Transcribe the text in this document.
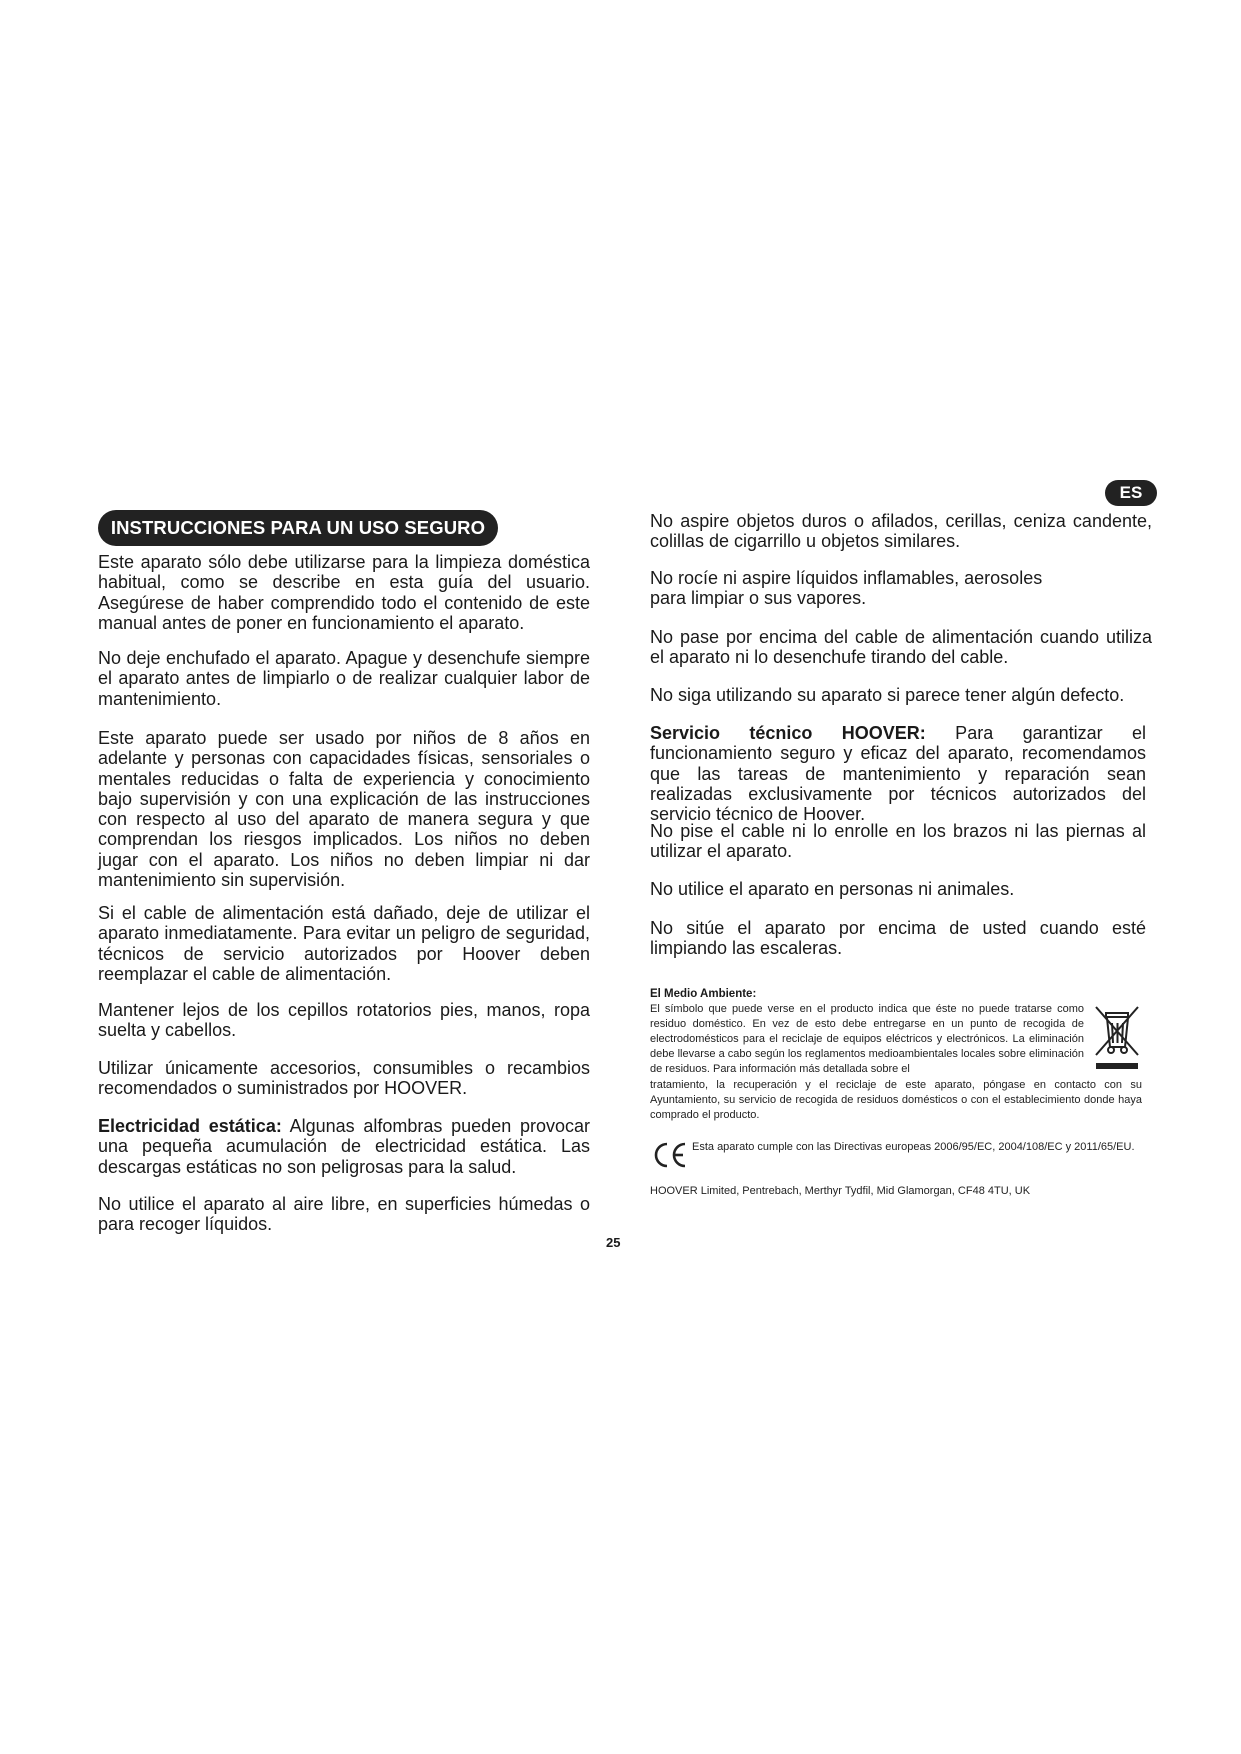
ES
INSTRUCCIONES PARA UN USO SEGURO

Este aparato sólo debe utilizarse para la limpieza doméstica habitual, como se describe en esta guía del usuario. Asegúrese de haber comprendido todo el contenido de este manual antes de poner en funcionamiento el aparato.

No deje enchufado el aparato. Apague y desenchufe siempre el aparato antes de limpiarlo o de realizar cualquier labor de mantenimiento.

Este aparato puede ser usado por niños de 8 años en adelante y personas con capacidades físicas, sensoriales o mentales reducidas o falta de experiencia y conocimiento bajo supervisión y con una explicación de las instrucciones con respecto al uso del aparato de manera segura y que comprendan los riesgos implicados. Los niños no deben jugar con el aparato. Los niños no deben limpiar ni dar mantenimiento sin supervisión.

Si el cable de alimentación está dañado, deje de utilizar el aparato inmediatamente. Para evitar un peligro de seguridad, técnicos de servicio autorizados por Hoover deben reemplazar el cable de alimentación.

Mantener lejos de los cepillos rotatorios pies, manos, ropa suelta y cabellos.

Utilizar únicamente accesorios, consumibles o recambios recomendados o suministrados por HOOVER.

Electricidad estática: Algunas alfombras pueden provocar una pequeña acumulación de electricidad estática. Las descargas estáticas no son peligrosas para la salud.

No utilice el aparato al aire libre, en superficies húmedas o para recoger líquidos.

No aspire objetos duros o afilados, cerillas, ceniza candente, colillas de cigarrillo u objetos similares.

No rocíe ni aspire líquidos inflamables, aerosoles para limpiar o sus vapores.

No pase por encima del cable de alimentación cuando utiliza el aparato ni lo desenchufe tirando del cable.

No siga utilizando su aparato si parece tener algún defecto.

Servicio técnico HOOVER: Para garantizar el funcionamiento seguro y eficaz del aparato, recomendamos que las tareas de mantenimiento y reparación sean realizadas exclusivamente por técnicos autorizados del servicio técnico de Hoover.

No pise el cable ni lo enrolle en los brazos ni las piernas al utilizar el aparato.

No utilice el aparato en personas ni animales.

No sitúe el aparato por encima de usted cuando esté limpiando las escaleras.

El Medio Ambiente:

El símbolo que puede verse en el producto indica que éste no puede tratarse como residuo doméstico. En vez de esto debe entregarse en un punto de recogida de electrodomésticos para el reciclaje de equipos eléctricos y electrónicos. La eliminación debe llevarse a cabo según los reglamentos medioambientales locales sobre eliminación de residuos. Para información más detallada sobre el

tratamiento, la recuperación y el reciclaje de este aparato, póngase en contacto con su Ayuntamiento, su servicio de recogida de residuos domésticos o con el establecimiento donde haya comprado el producto.

Esta aparato cumple con las Directivas europeas 2006/95/EC, 2004/108/EC y 2011/65/EU.

HOOVER Limited, Pentrebach, Merthyr Tydfil, Mid Glamorgan, CF48 4TU, UK
25
